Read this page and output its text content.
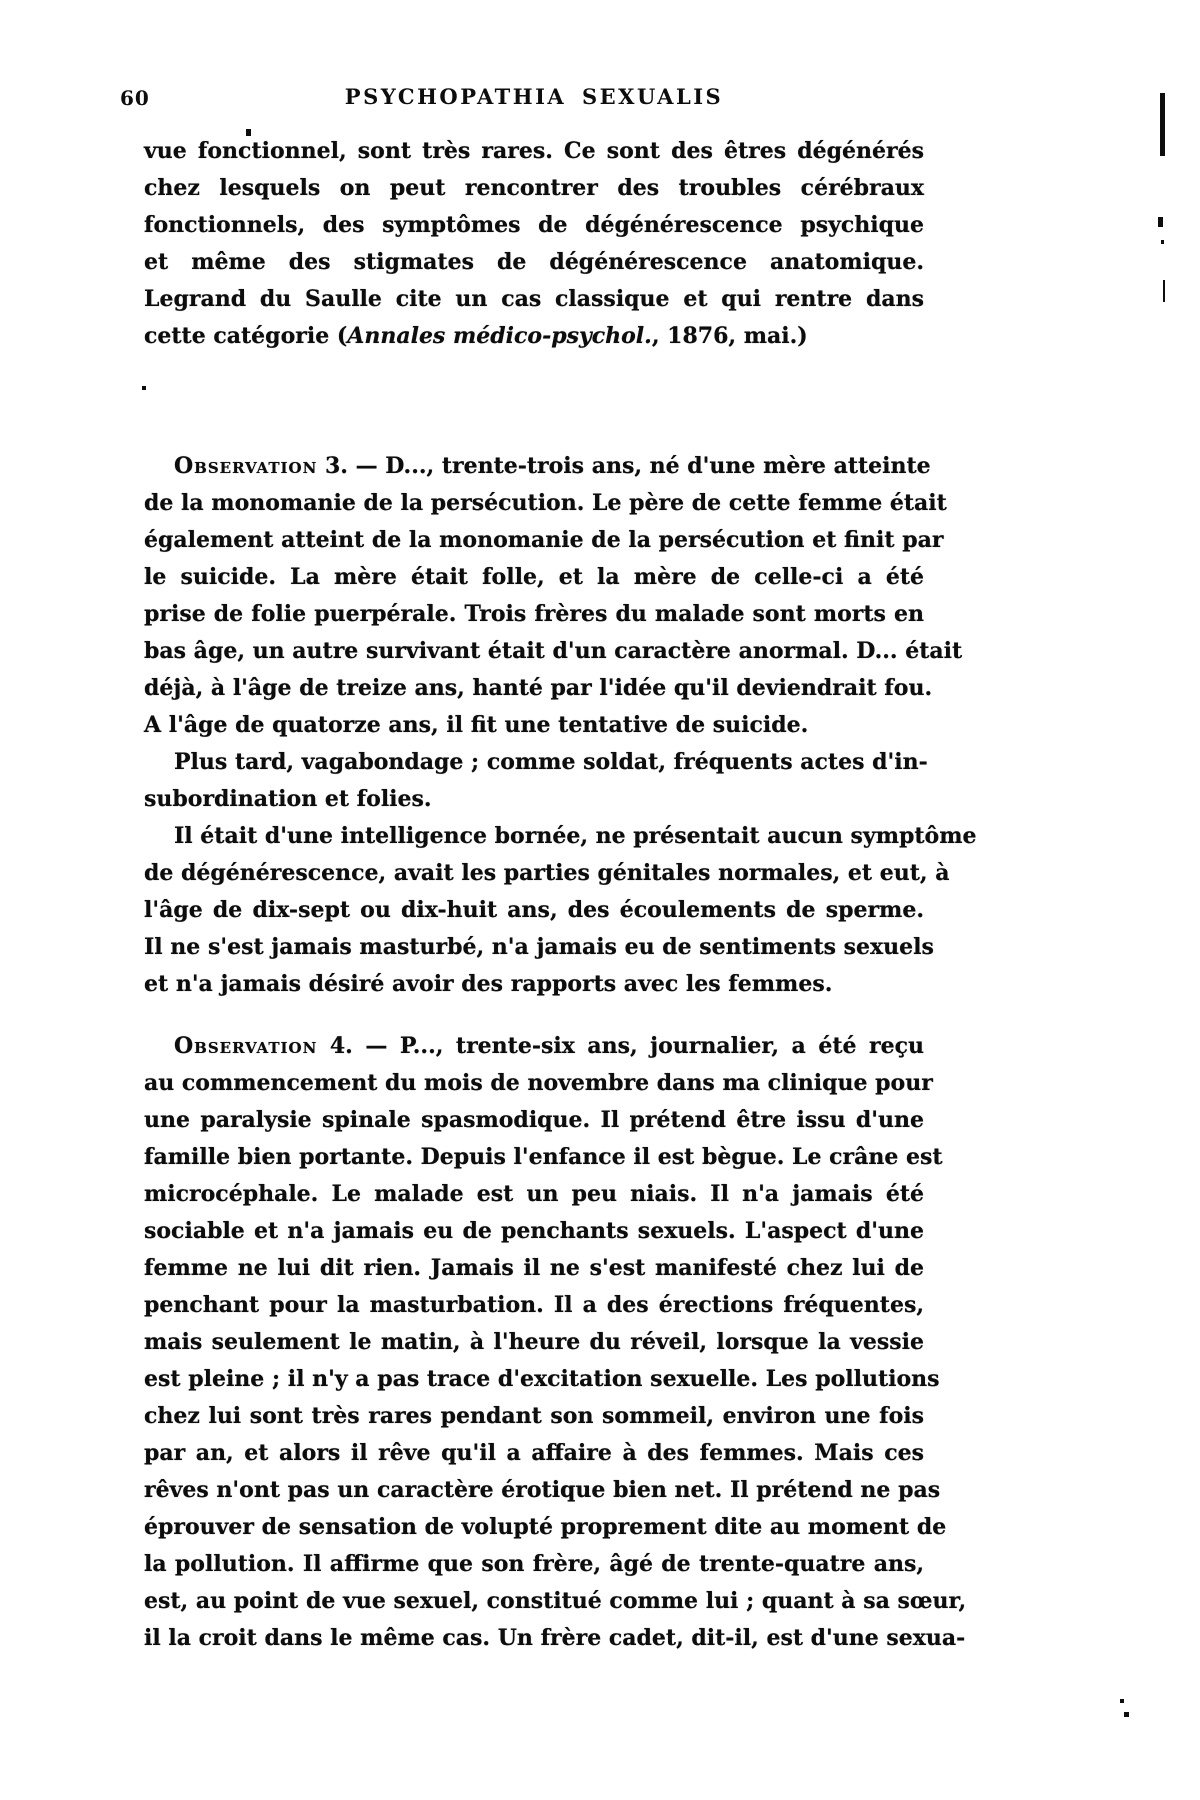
60	PSYCHOPATHIA SEXUALIS
vue fonctionnel, sont très rares. Ce sont des êtres dégénérés
chez lesquels on peut rencontrer des troubles cérébraux
fonctionnels, des symptômes de dégénérescence psychique
et même des stigmates de dégénérescence anatomique.
Legrand du Saulle cite un cas classique et qui rentre dans
cette catégorie (Annales médico-psychol., 1876, mai.)
Observation 3. — D..., trente-trois ans, né d'une mère atteinte
de la monomanie de la persécution. Le père de cette femme était
également atteint de la monomanie de la persécution et finit par
le suicide. La mère était folle, et la mère de celle-ci a été
prise de folie puerpérale. Trois frères du malade sont morts en
bas âge, un autre survivant était d'un caractère anormal. D... était
déjà, à l'âge de treize ans, hanté par l'idée qu'il deviendrait fou.
A l'âge de quatorze ans, il fit une tentative de suicide.
Plus tard, vagabondage ; comme soldat, fréquents actes d'in-
subordination et folies.
Il était d'une intelligence bornée, ne présentait aucun symptôme
de dégénérescence, avait les parties génitales normales, et eut, à
l'âge de dix-sept ou dix-huit ans, des écoulements de sperme.
Il ne s'est jamais masturbé, n'a jamais eu de sentiments sexuels
et n'a jamais désiré avoir des rapports avec les femmes.
Observation 4. — P..., trente-six ans, journalier, a été reçu
au commencement du mois de novembre dans ma clinique pour
une paralysie spinale spasmodique. Il prétend être issu d'une
famille bien portante. Depuis l'enfance il est bègue. Le crâne est
microcéphale. Le malade est un peu niais. Il n'a jamais été
sociable et n'a jamais eu de penchants sexuels. L'aspect d'une
femme ne lui dit rien. Jamais il ne s'est manifesté chez lui de
penchant pour la masturbation. Il a des érections fréquentes,
mais seulement le matin, à l'heure du réveil, lorsque la vessie
est pleine ; il n'y a pas trace d'excitation sexuelle. Les pollutions
chez lui sont très rares pendant son sommeil, environ une fois
par an, et alors il rêve qu'il a affaire à des femmes. Mais ces
rêves n'ont pas un caractère érotique bien net. Il prétend ne pas
éprouver de sensation de volupté proprement dite au moment de
la pollution. Il affirme que son frère, âgé de trente-quatre ans,
est, au point de vue sexuel, constitué comme lui ; quant à sa sœur,
il la croit dans le même cas. Un frère cadet, dit-il, est d'une sexua-
